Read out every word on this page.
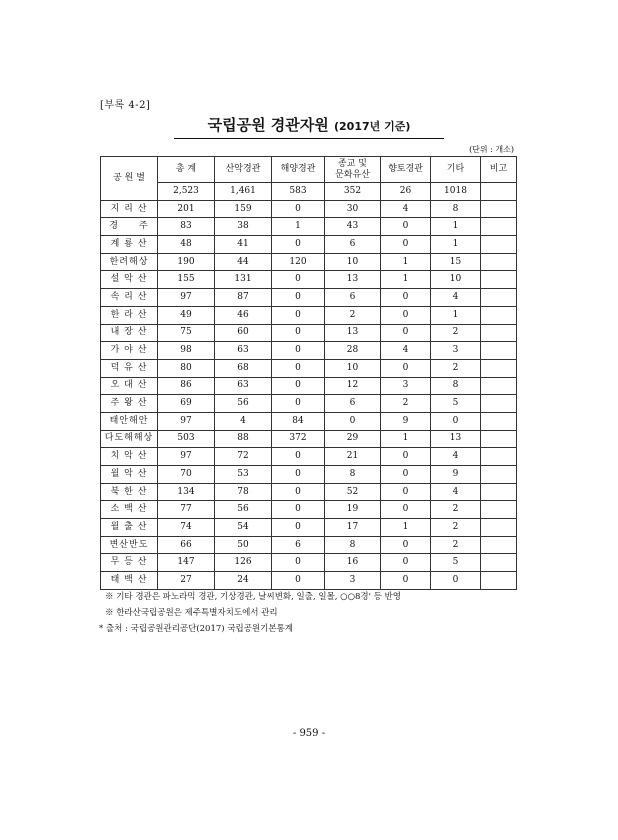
[부록 4-2]
국립공원 경관자원 (2017년 기준)
(단위 : 개소)
공 원 별	총 계	산악경관	해양경관	종교 및
문화유산	향토경관	기타	비고
	2,523	1,461	583	352	26	1018	
지 리 산	201	159	0	30	4	8	
경　　주	83	38	1	43	0	1	
계 룡 산	48	41	0	6	0	1	
한려해상	190	44	120	10	1	15	
설 악 산	155	131	0	13	1	10	
속 리 산	97	87	0	6	0	4	
한 라 산	49	46	0	2	0	1	
내 장 산	75	60	0	13	0	2	
가 야 산	98	63	0	28	4	3	
덕 유 산	80	68	0	10	0	2	
오 대 산	86	63	0	12	3	8	
주 왕 산	69	56	0	6	2	5	
태안해안	97	4	84	0	9	0	
다도해해상	503	88	372	29	1	13	
치 악 산	97	72	0	21	0	4	
월 악 산	70	53	0	8	0	9	
북 한 산	134	78	0	52	0	4	
소 백 산	77	56	0	19	0	2	
월 출 산	74	54	0	17	1	2	
변산반도	66	50	6	8	0	2	
무 등 산	147	126	0	16	0	5	
태 백 산	27	24	0	3	0	0	
※ 기타 경관은 파노라믹 경관, 기상경관, 날씨변화, 일출, 일몰, ○○8경' 등 반영
※ 한라산국립공원은 제주특별자치도에서 관리
* 출처 : 국립공원관리공단(2017) 국립공원기본통계
- 959 -
